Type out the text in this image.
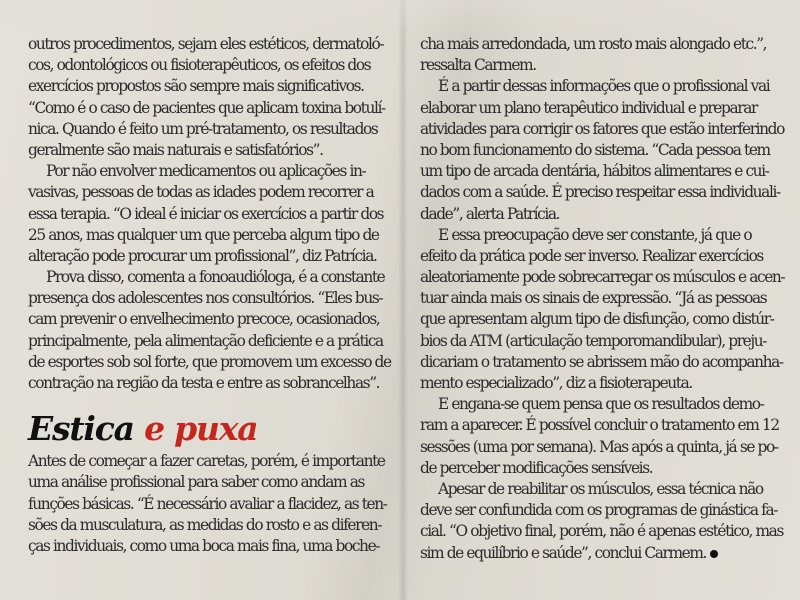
outros procedimentos, sejam eles estéticos, dermatoló-
cos, odontológicos ou fisioterapêuticos, os efeitos dos
exercícios propostos são sempre mais significativos.
“Como é o caso de pacientes que aplicam toxina botulí-
nica. Quando é feito um pré-tratamento, os resultados
geralmente são mais naturais e satisfatórios”.
Por não envolver medicamentos ou aplicações in-
vasivas, pessoas de todas as idades podem recorrer a
essa terapia. “O ideal é iniciar os exercícios a partir dos
25 anos, mas qualquer um que perceba algum tipo de
alteração pode procurar um profissional”, diz Patrícia.
Prova disso, comenta a fonoaudióloga, é a constante
presença dos adolescentes nos consultórios. “Eles bus-
cam prevenir o envelhecimento precoce, ocasionados,
principalmente, pela alimentação deficiente e a prática
de esportes sob sol forte, que promovem um excesso de
contração na região da testa e entre as sobrancelhas”.
Estica e puxa
Antes de começar a fazer caretas, porém, é importante
uma análise profissional para saber como andam as
funções básicas. “É necessário avaliar a flacidez, as ten-
sões da musculatura, as medidas do rosto e as diferen-
ças individuais, como uma boca mais fina, uma boche-
cha mais arredondada, um rosto mais alongado etc.”,
ressalta Carmem.
É a partir dessas informações que o profissional vai
elaborar um plano terapêutico individual e preparar
atividades para corrigir os fatores que estão interferindo
no bom funcionamento do sistema. “Cada pessoa tem
um tipo de arcada dentária, hábitos alimentares e cui-
dados com a saúde. É preciso respeitar essa individuali-
dade”, alerta Patrícia.
E essa preocupação deve ser constante, já que o
efeito da prática pode ser inverso. Realizar exercícios
aleatoriamente pode sobrecarregar os músculos e acen-
tuar ainda mais os sinais de expressão. “Já as pessoas
que apresentam algum tipo de disfunção, como distúr-
bios da ATM (articulação temporomandibular), preju-
dicariam o tratamento se abrissem mão do acompanha-
mento especializado”, diz a fisioterapeuta.
E engana-se quem pensa que os resultados demo-
ram a aparecer. É possível concluir o tratamento em 12
sessões (uma por semana). Mas após a quinta, já se po-
de perceber modificações sensíveis.
Apesar de reabilitar os músculos, essa técnica não
deve ser confundida com os programas de ginástica fa-
cial. “O objetivo final, porém, não é apenas estético, mas
sim de equilíbrio e saúde”, conclui Carmem.
